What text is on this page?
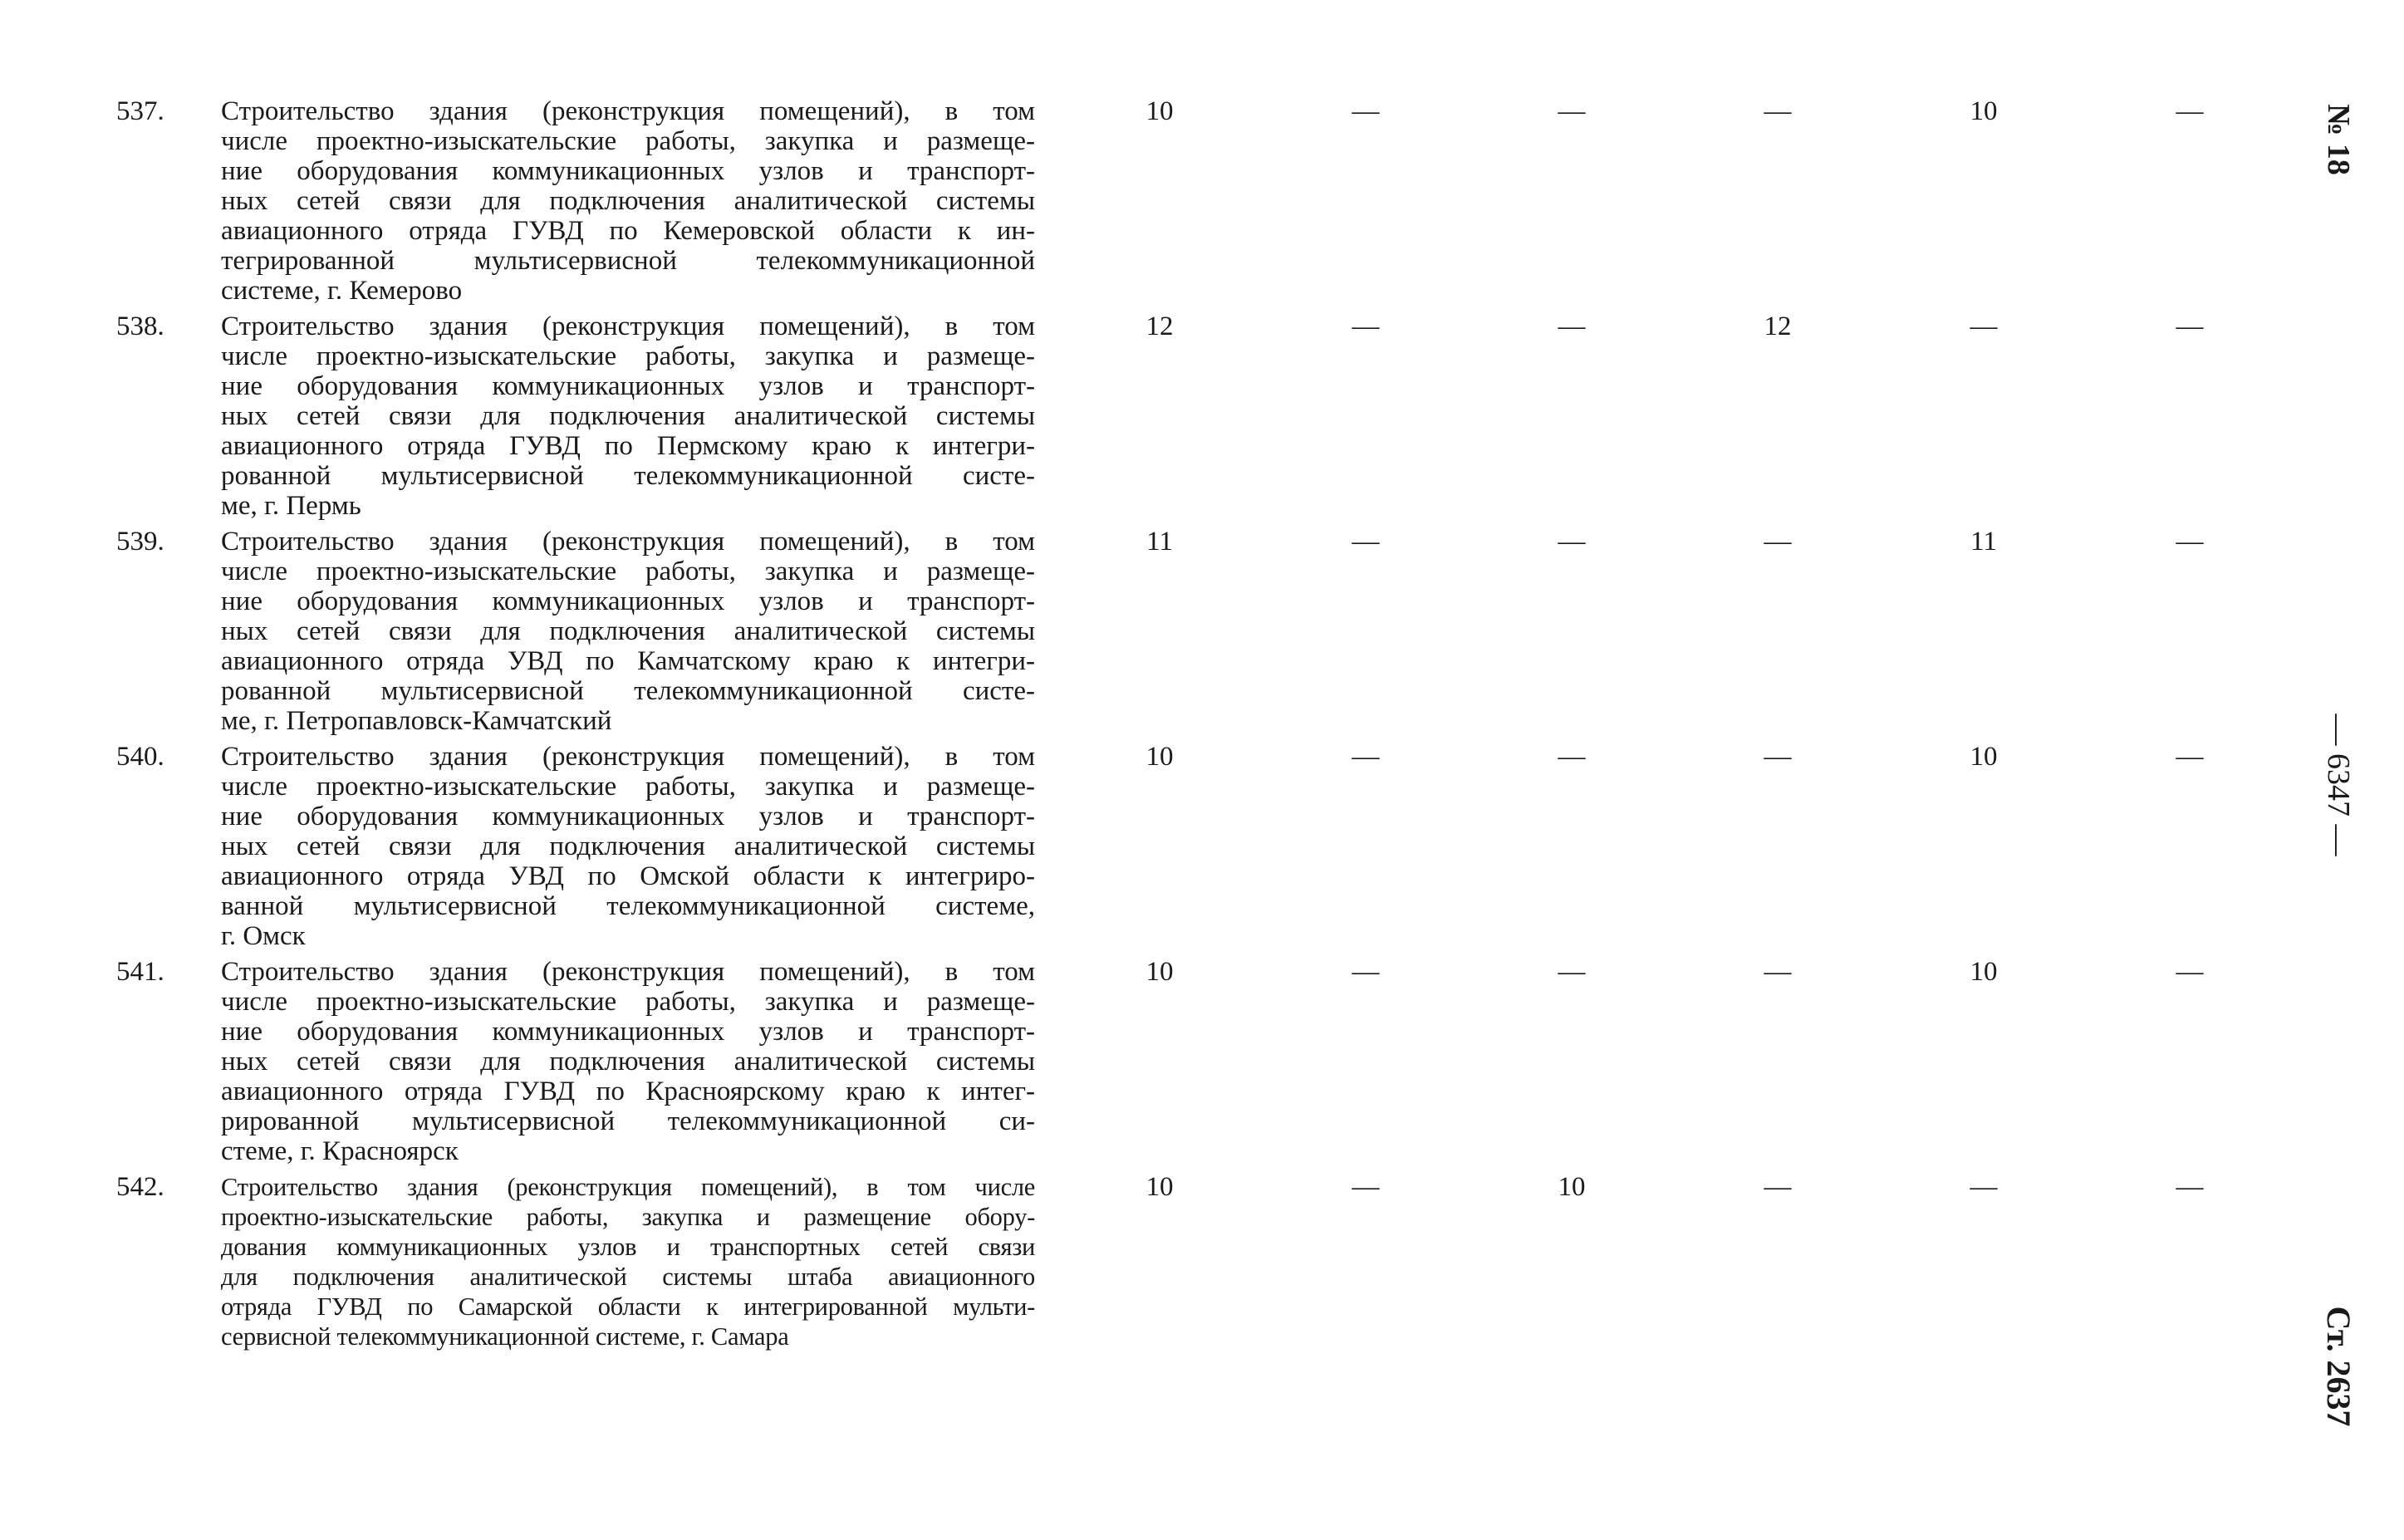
537.	Строительство здания (реконструкция помещений), в том
числе проектно-изыскательские работы, закупка и размеще-
ние оборудования коммуникационных узлов и транспорт-
ных сетей связи для подключения аналитической системы
авиационного отряда ГУВД по Кемеровской области к ин-
тегрированной мультисервисной телекоммуникационной
системе, г. Кемерово
10	—	—	—	10	—
538.	Строительство здания (реконструкция помещений), в том
числе проектно-изыскательские работы, закупка и размеще-
ние оборудования коммуникационных узлов и транспорт-
ных сетей связи для подключения аналитической системы
авиационного отряда ГУВД по Пермскому краю к интегри-
рованной мультисервисной телекоммуникационной систе-
ме, г. Пермь
12	—	—	12	—	—
539.	Строительство здания (реконструкция помещений), в том
числе проектно-изыскательские работы, закупка и размеще-
ние оборудования коммуникационных узлов и транспорт-
ных сетей связи для подключения аналитической системы
авиационного отряда УВД по Камчатскому краю к интегри-
рованной мультисервисной телекоммуникационной систе-
ме, г. Петропавловск-Камчатский
11	—	—	—	11	—
540.	Строительство здания (реконструкция помещений), в том
числе проектно-изыскательские работы, закупка и размеще-
ние оборудования коммуникационных узлов и транспорт-
ных сетей связи для подключения аналитической системы
авиационного отряда УВД по Омской области к интегриро-
ванной мультисервисной телекоммуникационной системе,
г. Омск
10	—	—	—	10	—
541.	Строительство здания (реконструкция помещений), в том
числе проектно-изыскательские работы, закупка и размеще-
ние оборудования коммуникационных узлов и транспорт-
ных сетей связи для подключения аналитической системы
авиационного отряда ГУВД по Красноярскому краю к интег-
рированной мультисервисной телекоммуникационной си-
стеме, г. Красноярск
10	—	—	—	10	—
542.	Строительство здания (реконструкция помещений), в том числе
проектно-изыскательские работы, закупка и размещение обору-
дования коммуникационных узлов и транспортных сетей связи
для подключения аналитической системы штаба авиационного
отряда ГУВД по Самарской области к интегрированной мульти-
сервисной телекоммуникационной системе, г. Самара
10	—	10	—	—	—
№ 18
— 6347 —
Ст. 2637
